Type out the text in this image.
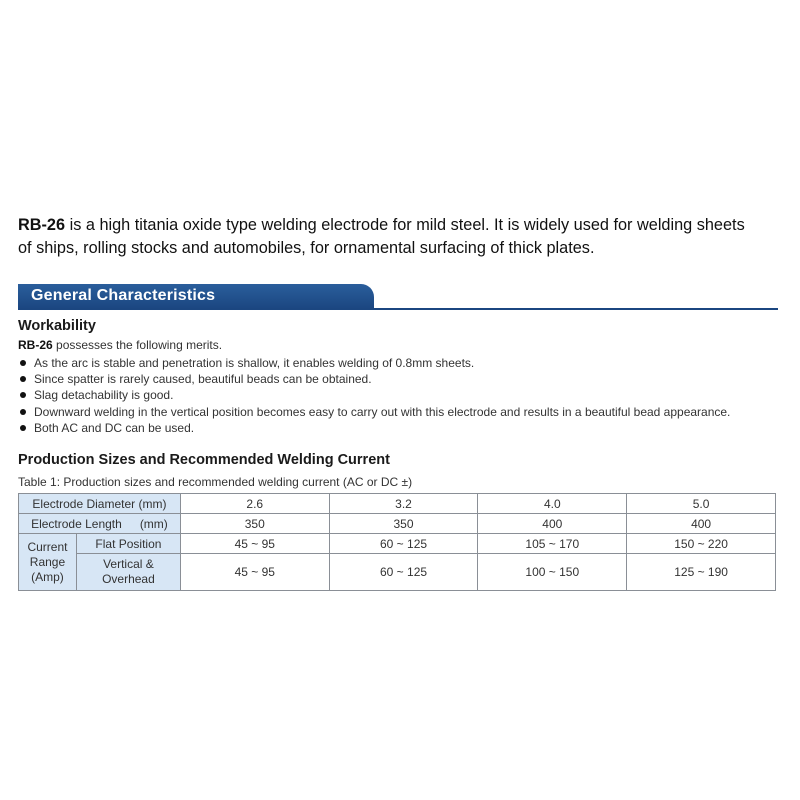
RB-26 is a high titania oxide type welding electrode for mild steel. It is widely used for welding sheets
of ships, rolling stocks and automobiles, for ornamental surfacing of thick plates.
General Characteristics
Workability
RB-26 possesses the following merits.
As the arc is stable and penetration is shallow, it enables welding of 0.8mm sheets.
Since spatter is rarely caused, beautiful beads can be obtained.
Slag detachability is good.
Downward welding in the vertical position becomes easy to carry out with this electrode and results in a beautiful bead appearance.
Both AC and DC can be used.
Production Sizes and Recommended Welding Current
Table 1: Production sizes and recommended welding current (AC or DC ±)
Electrode Diameter (mm)		2.6	3.2	4.0	5.0
Electrode Length (mm)		350	350	400	400
Current
Range
(Amp)	Flat Position	45 ~ 95	60 ~ 125	105 ~ 170	150 ~ 220
	Vertical &
Overhead	45 ~ 95	60 ~ 125	100 ~ 150	125 ~ 190
